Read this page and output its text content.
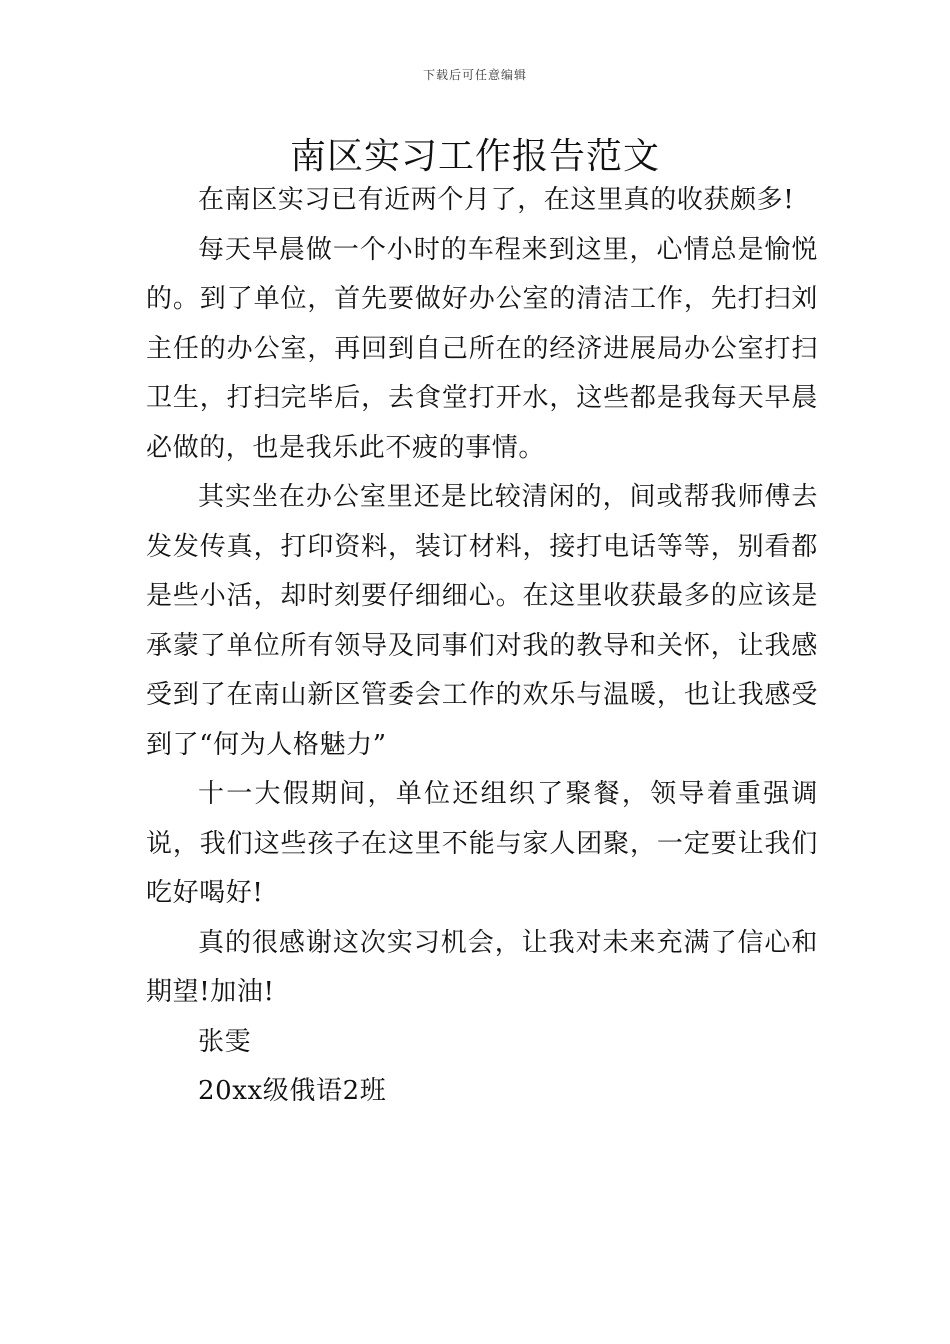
下载后可任意编辑
南区实习工作报告范文

在南区实习已有近两个月了，在这里真的收获颇多!

每天早晨做一个小时的车程来到这里，心情总是愉悦的。到了单位，首先要做好办公室的清洁工作，先打扫刘主任的办公室，再回到自己所在的经济进展局办公室打扫卫生，打扫完毕后，去食堂打开水，这些都是我每天早晨必做的，也是我乐此不疲的事情。

其实坐在办公室里还是比较清闲的，间或帮我师傅去发发传真，打印资料，装订材料，接打电话等等，别看都是些小活，却时刻要仔细细心。在这里收获最多的应该是承蒙了单位所有领导及同事们对我的教导和关怀，让我感受到了在南山新区管委会工作的欢乐与温暖，也让我感受到了“何为人格魅力”

十一大假期间，单位还组织了聚餐，领导着重强调说，我们这些孩子在这里不能与家人团聚，一定要让我们吃好喝好!

真的很感谢这次实习机会，让我对未来充满了信心和期望!加油!

张雯

20xx级俄语2班
